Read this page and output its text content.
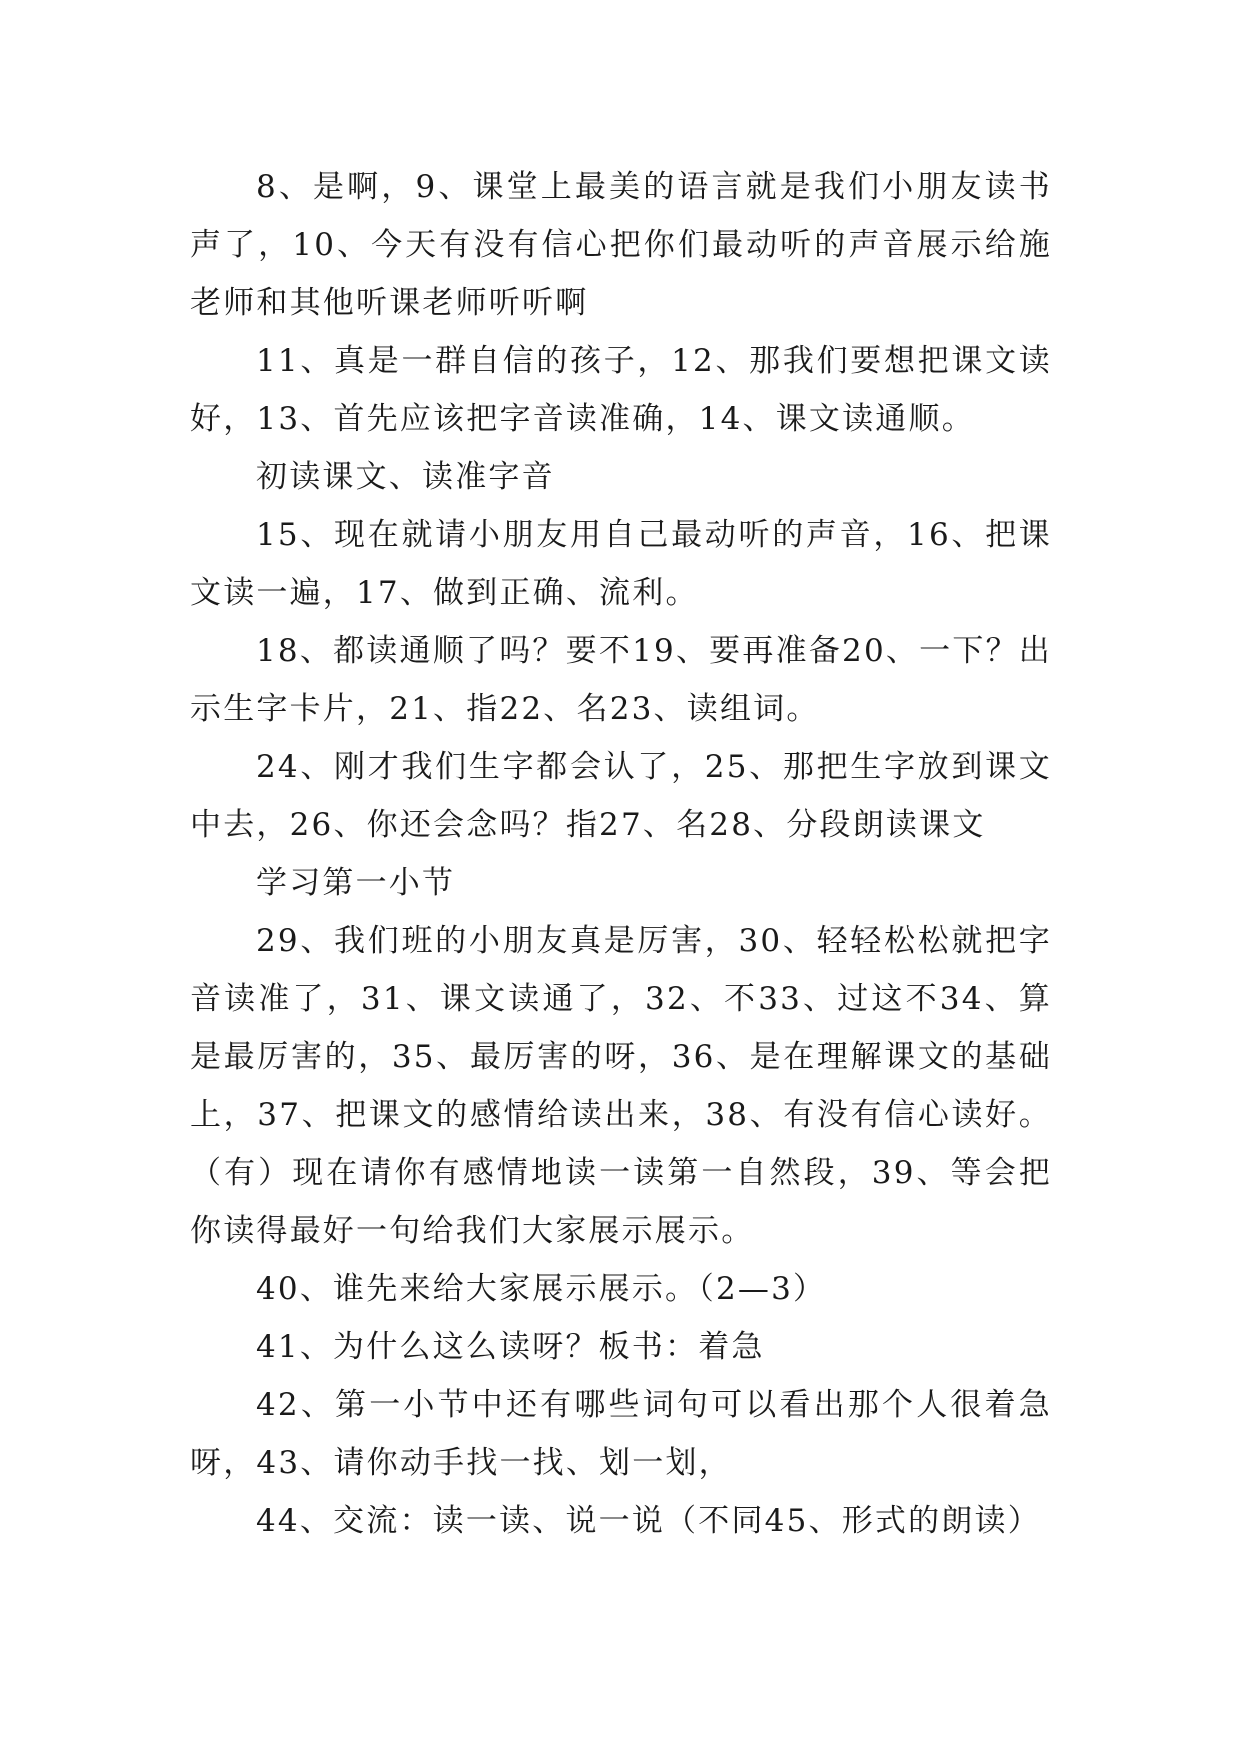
8、是啊，9、课堂上最美的语言就是我们小朋友读书声了，10、今天有没有信心把你们最动听的声音展示给施老师和其他听课老师听听啊

11、真是一群自信的孩子，12、那我们要想把课文读好，13、首先应该把字音读准确，14、课文读通顺。

初读课文、读准字音

15、现在就请小朋友用自己最动听的声音，16、把课文读一遍，17、做到正确、流利。

18、都读通顺了吗？要不19、要再准备20、一下？出示生字卡片，21、指22、名23、读组词。

24、刚才我们生字都会认了，25、那把生字放到课文中去，26、你还会念吗？指27、名28、分段朗读课文

学习第一小节

29、我们班的小朋友真是厉害，30、轻轻松松就把字音读准了，31、课文读通了，32、不33、过这不34、算是最厉害的，35、最厉害的呀，36、是在理解课文的基础上，37、把课文的感情给读出来，38、有没有信心读好。（有）现在请你有感情地读一读第一自然段，39、等会把你读得最好一句给我们大家展示展示。

40、谁先来给大家展示展示。（2—3）

41、为什么这么读呀？板书：着急

42、第一小节中还有哪些词句可以看出那个人很着急呀，43、请你动手找一找、划一划，

44、交流：读一读、说一说（不同45、形式的朗读）
